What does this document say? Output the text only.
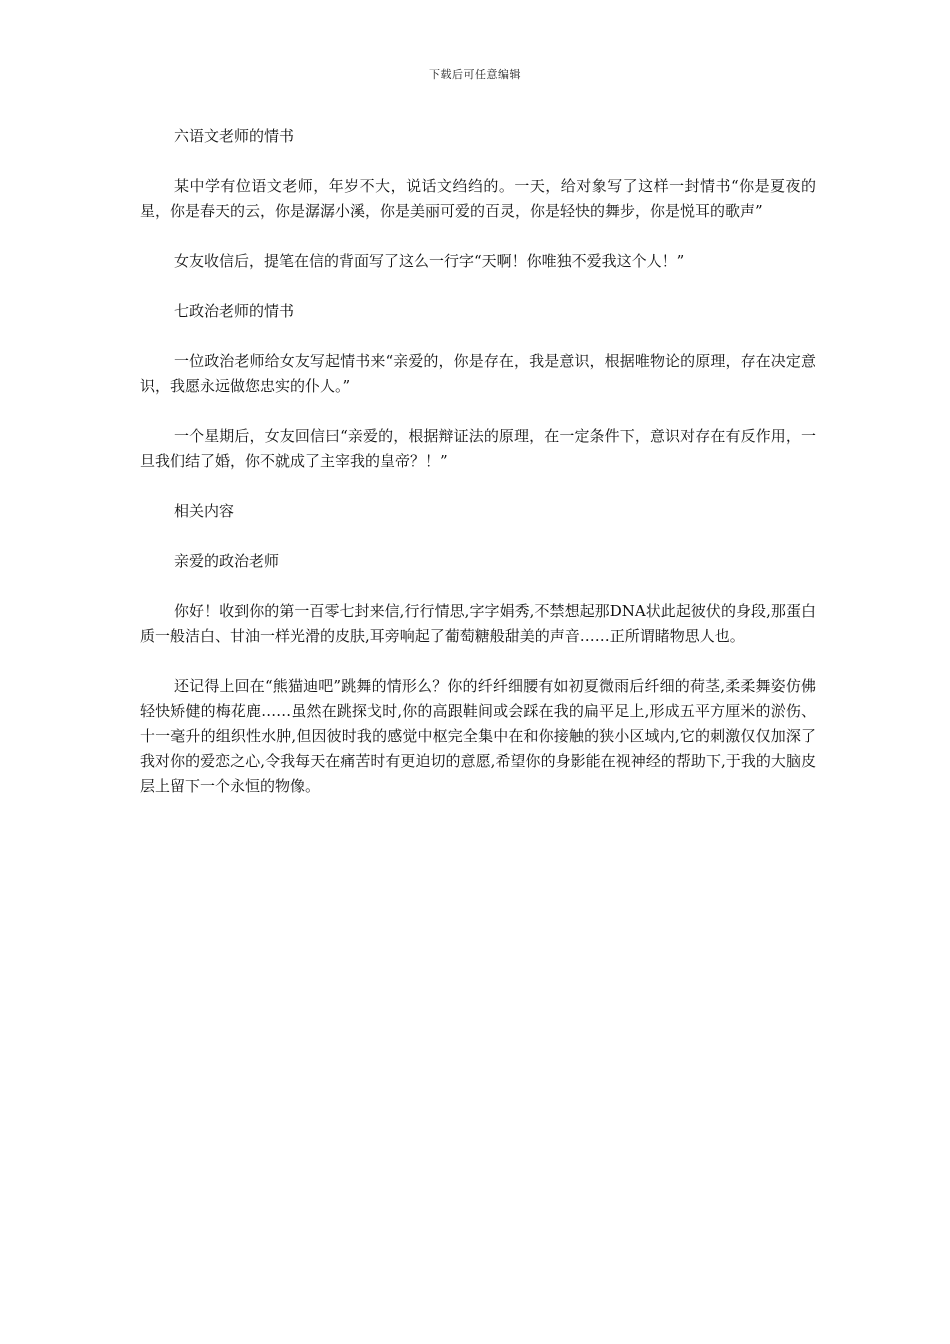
下载后可任意编辑

六语文老师的情书

某中学有位语文老师，年岁不大，说话文绉绉的。一天，给对象写了这样一封情书“你是夏夜的星，你是春天的云，你是潺潺小溪，你是美丽可爱的百灵，你是轻快的舞步，你是悦耳的歌声”

女友收信后，提笔在信的背面写了这么一行字“天啊！你唯独不爱我这个人！”

七政治老师的情书

一位政治老师给女友写起情书来“亲爱的，你是存在，我是意识，根据唯物论的原理，存在决定意识，我愿永远做您忠实的仆人。”

一个星期后，女友回信曰“亲爱的，根据辩证法的原理，在一定条件下，意识对存在有反作用，一旦我们结了婚，你不就成了主宰我的皇帝？！”

相关内容

亲爱的政治老师

你好！收到你的第一百零七封来信,行行情思,字字娟秀,不禁想起那DNA状此起彼伏的身段,那蛋白质一般洁白、甘油一样光滑的皮肤,耳旁响起了葡萄糖般甜美的声音……正所谓睹物思人也。

还记得上回在“熊猫迪吧”跳舞的情形么？你的纤纤细腰有如初夏微雨后纤细的荷茎,柔柔舞姿仿佛轻快矫健的梅花鹿……虽然在跳探戈时,你的高跟鞋间或会踩在我的扁平足上,形成五平方厘米的淤伤、十一毫升的组织性水肿,但因彼时我的感觉中枢完全集中在和你接触的狭小区域内,它的刺激仅仅加深了我对你的爱恋之心,令我每天在痛苦时有更迫切的意愿,希望你的身影能在视神经的帮助下,于我的大脑皮层上留下一个永恒的物像。
